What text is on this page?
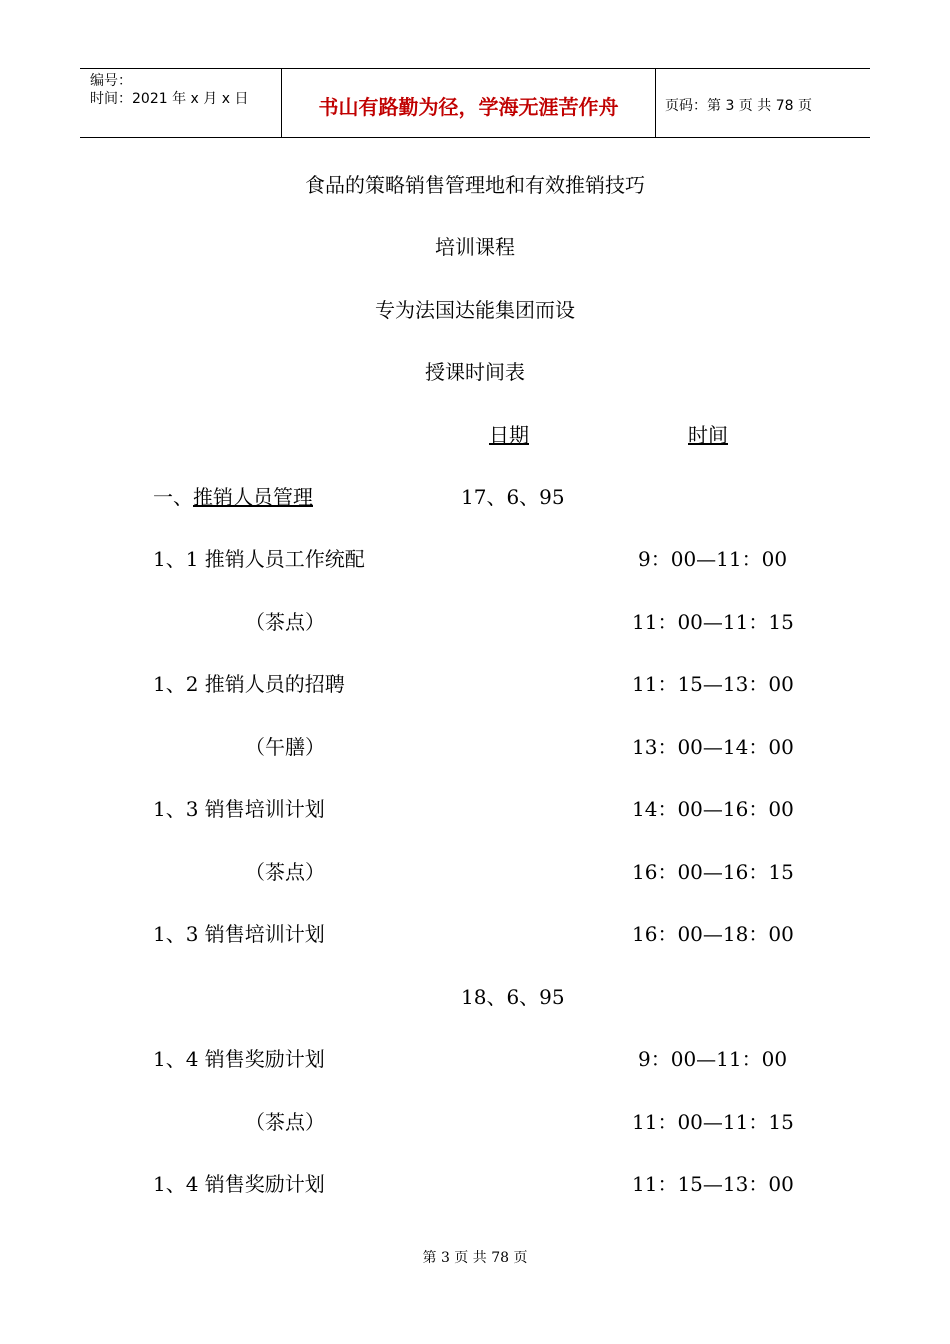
编号：
时间：2021 年 x 月 x 日	书山有路勤为径，学海无涯苦作舟	页码：第 3 页 共 78 页
食品的策略销售管理地和有效推销技巧
培训课程
专为法国达能集团而设
授课时间表
日期	时间
一、推销人员管理	17、6、95
1、1 推销人员工作统配	9：00—11：00
（茶点）	11：00—11：15
1、2 推销人员的招聘	11：15—13：00
（午膳）	13：00—14：00
1、3 销售培训计划	14：00—16：00
（茶点）	16：00—16：15
1、3 销售培训计划	16：00—18：00
18、6、95
1、4 销售奖励计划	9：00—11：00
（茶点）	11：00—11：15
1、4 销售奖励计划	11：15—13：00
第 3 页 共 78 页
